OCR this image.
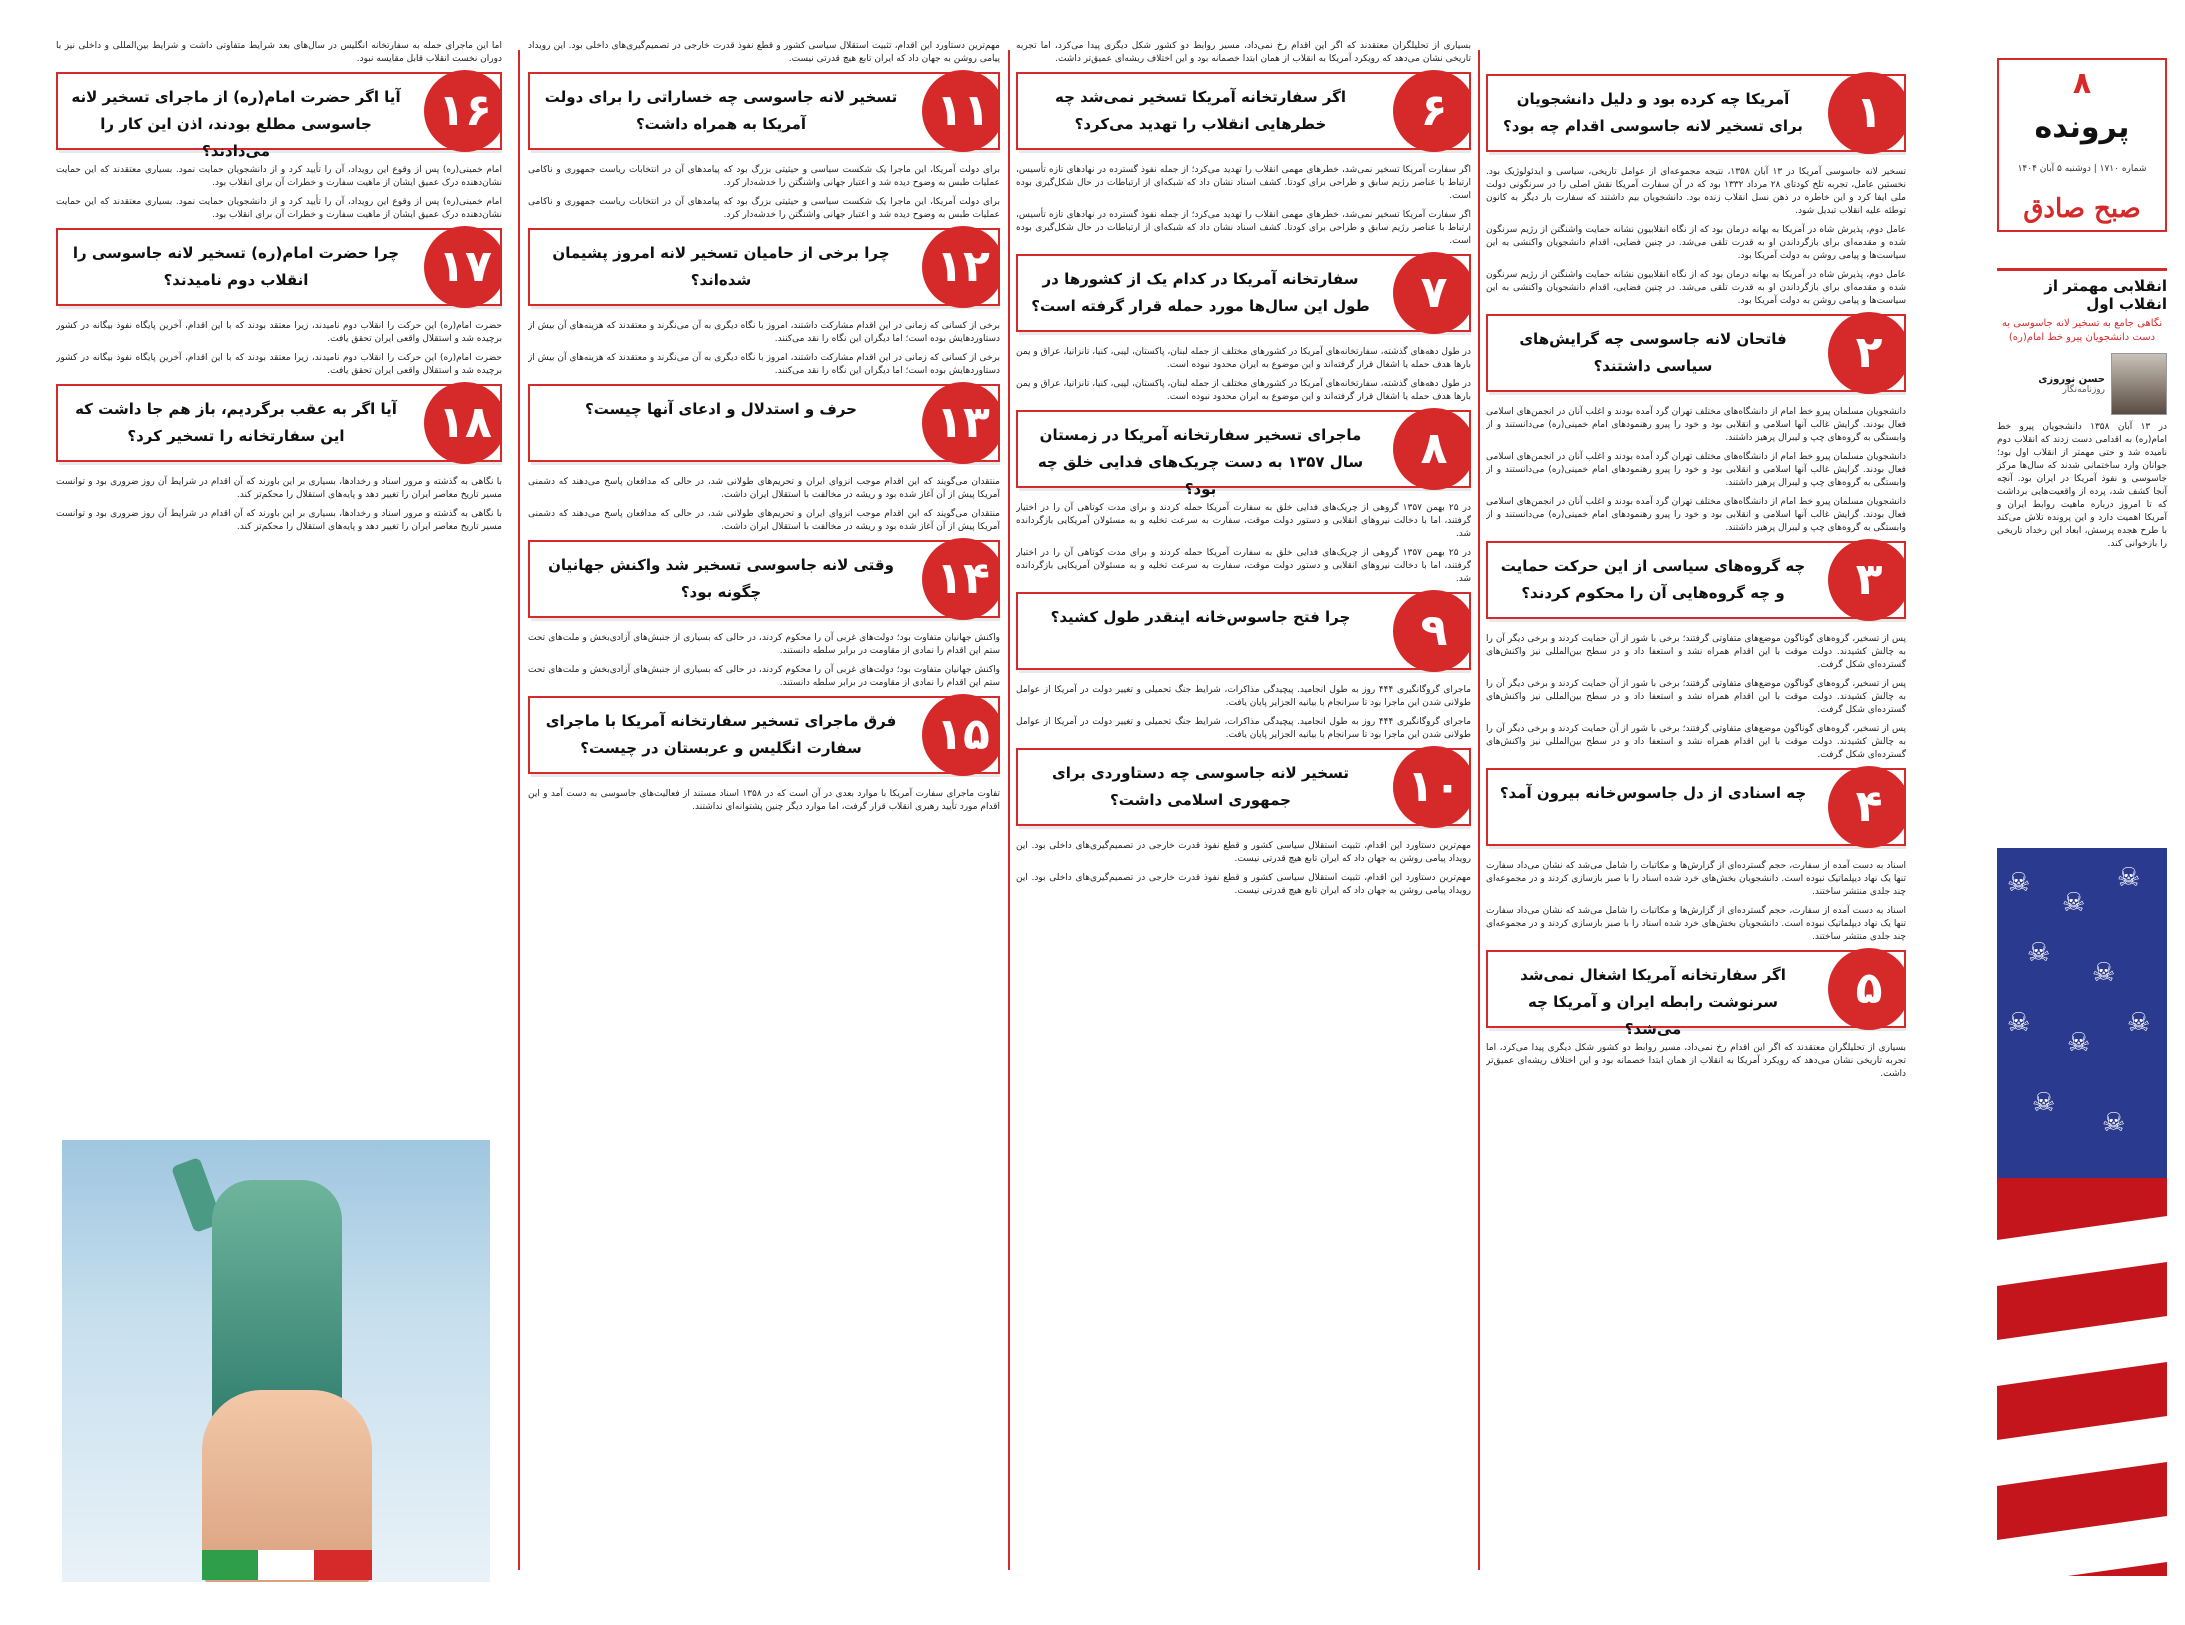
۸
پرونده
شماره ۱۷۱۰ | دوشنبه ۵ آبان ۱۴۰۴
صبح صادق
انقلابی مهمتر از انقلاب اول
نگاهی جامع به تسخیر لانه جاسوسی به دست دانشجویان پیرو خط امام(ره)
حسن نوروزی
روزنامه‌نگار

در ۱۳ آبان ۱۳۵۸ دانشجویان پیرو خط امام(ره) به اقدامی دست زدند که انقلاب دوم نامیده شد و حتی مهمتر از انقلاب اول بود؛ جوانان وارد ساختمانی شدند که سال‌ها مرکز جاسوسی و نفوذ آمریکا در ایران بود. آنچه آنجا کشف شد، پرده از واقعیت‌هایی برداشت که تا امروز درباره ماهیت روابط ایران و آمریکا اهمیت دارد و این پرونده تلاش می‌کند با طرح هجده پرسش، ابعاد این رخداد تاریخی را بازخوانی کند.

☠
☠
☠
☠
☠
☠
☠
☠
☠
☠
۱
آمریکا چه کرده بود و دلیل دانشجویان برای تسخیر لانه جاسوسی اقدام چه بود؟

تسخیر لانه جاسوسی آمریکا در ۱۳ آبان ۱۳۵۸، نتیجه مجموعه‌ای از عوامل تاریخی، سیاسی و ایدئولوژیک بود. نخستین عامل، تجربه تلخ کودتای ۲۸ مرداد ۱۳۳۲ بود که در آن سفارت آمریکا نقش اصلی را در سرنگونی دولت ملی ایفا کرد و این خاطره در ذهن نسل انقلاب زنده بود. دانشجویان بیم داشتند که سفارت بار دیگر به کانون توطئه علیه انقلاب تبدیل شود.

عامل دوم، پذیرش شاه در آمریکا به بهانه درمان بود که از نگاه انقلابیون نشانه حمایت واشنگتن از رژیم سرنگون شده و مقدمه‌ای برای بازگرداندن او به قدرت تلقی می‌شد. در چنین فضایی، اقدام دانشجویان واکنشی به این سیاست‌ها و پیامی روشن به دولت آمریکا بود.

عامل دوم، پذیرش شاه در آمریکا به بهانه درمان بود که از نگاه انقلابیون نشانه حمایت واشنگتن از رژیم سرنگون شده و مقدمه‌ای برای بازگرداندن او به قدرت تلقی می‌شد. در چنین فضایی، اقدام دانشجویان واکنشی به این سیاست‌ها و پیامی روشن به دولت آمریکا بود.

۲
فاتحان لانه جاسوسی چه گرایش‌های سیاسی داشتند؟

دانشجویان مسلمان پیرو خط امام از دانشگاه‌های مختلف تهران گرد آمده بودند و اغلب آنان در انجمن‌های اسلامی فعال بودند. گرایش غالب آنها اسلامی و انقلابی بود و خود را پیرو رهنمودهای امام خمینی(ره) می‌دانستند و از وابستگی به گروه‌های چپ و لیبرال پرهیز داشتند.

دانشجویان مسلمان پیرو خط امام از دانشگاه‌های مختلف تهران گرد آمده بودند و اغلب آنان در انجمن‌های اسلامی فعال بودند. گرایش غالب آنها اسلامی و انقلابی بود و خود را پیرو رهنمودهای امام خمینی(ره) می‌دانستند و از وابستگی به گروه‌های چپ و لیبرال پرهیز داشتند.

دانشجویان مسلمان پیرو خط امام از دانشگاه‌های مختلف تهران گرد آمده بودند و اغلب آنان در انجمن‌های اسلامی فعال بودند. گرایش غالب آنها اسلامی و انقلابی بود و خود را پیرو رهنمودهای امام خمینی(ره) می‌دانستند و از وابستگی به گروه‌های چپ و لیبرال پرهیز داشتند.

۳
چه گروه‌های سیاسی از این حرکت حمایت و چه گروه‌هایی آن را محکوم کردند؟

پس از تسخیر، گروه‌های گوناگون موضع‌های متفاوتی گرفتند؛ برخی با شور از آن حمایت کردند و برخی دیگر آن را به چالش کشیدند. دولت موقت با این اقدام همراه نشد و استعفا داد و در سطح بین‌المللی نیز واکنش‌های گسترده‌ای شکل گرفت.

پس از تسخیر، گروه‌های گوناگون موضع‌های متفاوتی گرفتند؛ برخی با شور از آن حمایت کردند و برخی دیگر آن را به چالش کشیدند. دولت موقت با این اقدام همراه نشد و استعفا داد و در سطح بین‌المللی نیز واکنش‌های گسترده‌ای شکل گرفت.

پس از تسخیر، گروه‌های گوناگون موضع‌های متفاوتی گرفتند؛ برخی با شور از آن حمایت کردند و برخی دیگر آن را به چالش کشیدند. دولت موقت با این اقدام همراه نشد و استعفا داد و در سطح بین‌المللی نیز واکنش‌های گسترده‌ای شکل گرفت.

۴
چه اسنادی از دل جاسوس‌خانه بیرون آمد؟

اسناد به دست آمده از سفارت، حجم گسترده‌ای از گزارش‌ها و مکاتبات را شامل می‌شد که نشان می‌داد سفارت تنها یک نهاد دیپلماتیک نبوده است. دانشجویان بخش‌های خرد شده اسناد را با صبر بازسازی کردند و در مجموعه‌ای چند جلدی منتشر ساختند.

اسناد به دست آمده از سفارت، حجم گسترده‌ای از گزارش‌ها و مکاتبات را شامل می‌شد که نشان می‌داد سفارت تنها یک نهاد دیپلماتیک نبوده است. دانشجویان بخش‌های خرد شده اسناد را با صبر بازسازی کردند و در مجموعه‌ای چند جلدی منتشر ساختند.

۵
اگر سفارتخانه آمریکا اشغال نمی‌شد سرنوشت رابطه ایران و آمریکا چه می‌شد؟

بسیاری از تحلیلگران معتقدند که اگر این اقدام رخ نمی‌داد، مسیر روابط دو کشور شکل دیگری پیدا می‌کرد، اما تجربه تاریخی نشان می‌دهد که رویکرد آمریکا به انقلاب از همان ابتدا خصمانه بود و این اختلاف ریشه‌ای عمیق‌تر داشت.

بسیاری از تحلیلگران معتقدند که اگر این اقدام رخ نمی‌داد، مسیر روابط دو کشور شکل دیگری پیدا می‌کرد، اما تجربه تاریخی نشان می‌دهد که رویکرد آمریکا به انقلاب از همان ابتدا خصمانه بود و این اختلاف ریشه‌ای عمیق‌تر داشت.

۶
اگر سفارتخانه آمریکا تسخیر نمی‌شد چه خطرهایی انقلاب را تهدید می‌کرد؟

اگر سفارت آمریکا تسخیر نمی‌شد، خطرهای مهمی انقلاب را تهدید می‌کرد؛ از جمله نفوذ گسترده در نهادهای تازه تأسیس، ارتباط با عناصر رژیم سابق و طراحی برای کودتا. کشف اسناد نشان داد که شبکه‌ای از ارتباطات در حال شکل‌گیری بوده است.

اگر سفارت آمریکا تسخیر نمی‌شد، خطرهای مهمی انقلاب را تهدید می‌کرد؛ از جمله نفوذ گسترده در نهادهای تازه تأسیس، ارتباط با عناصر رژیم سابق و طراحی برای کودتا. کشف اسناد نشان داد که شبکه‌ای از ارتباطات در حال شکل‌گیری بوده است.

۷
سفارتخانه آمریکا در کدام یک از کشورها در طول این سال‌ها مورد حمله قرار گرفته است؟

در طول دهه‌های گذشته، سفارتخانه‌های آمریکا در کشورهای مختلف از جمله لبنان، پاکستان، لیبی، کنیا، تانزانیا، عراق و یمن بارها هدف حمله یا اشغال قرار گرفته‌اند و این موضوع به ایران محدود نبوده است.

در طول دهه‌های گذشته، سفارتخانه‌های آمریکا در کشورهای مختلف از جمله لبنان، پاکستان، لیبی، کنیا، تانزانیا، عراق و یمن بارها هدف حمله یا اشغال قرار گرفته‌اند و این موضوع به ایران محدود نبوده است.

۸
ماجرای تسخیر سفارتخانه آمریکا در زمستان سال ۱۳۵۷ به دست چریک‌های فدایی خلق چه بود؟

در ۲۵ بهمن ۱۳۵۷ گروهی از چریک‌های فدایی خلق به سفارت آمریکا حمله کردند و برای مدت کوتاهی آن را در اختیار گرفتند، اما با دخالت نیروهای انقلابی و دستور دولت موقت، سفارت به سرعت تخلیه و به مسئولان آمریکایی بازگردانده شد.

در ۲۵ بهمن ۱۳۵۷ گروهی از چریک‌های فدایی خلق به سفارت آمریکا حمله کردند و برای مدت کوتاهی آن را در اختیار گرفتند، اما با دخالت نیروهای انقلابی و دستور دولت موقت، سفارت به سرعت تخلیه و به مسئولان آمریکایی بازگردانده شد.

۹
چرا فتح جاسوس‌خانه اینقدر طول کشید؟

ماجرای گروگانگیری ۴۴۴ روز به طول انجامید. پیچیدگی مذاکرات، شرایط جنگ تحمیلی و تغییر دولت در آمریکا از عوامل طولانی شدن این ماجرا بود تا سرانجام با بیانیه الجزایر پایان یافت.

ماجرای گروگانگیری ۴۴۴ روز به طول انجامید. پیچیدگی مذاکرات، شرایط جنگ تحمیلی و تغییر دولت در آمریکا از عوامل طولانی شدن این ماجرا بود تا سرانجام با بیانیه الجزایر پایان یافت.

۱۰
تسخیر لانه جاسوسی چه دستاوردی برای جمهوری اسلامی داشت؟

مهم‌ترین دستاورد این اقدام، تثبیت استقلال سیاسی کشور و قطع نفوذ قدرت خارجی در تصمیم‌گیری‌های داخلی بود. این رویداد پیامی روشن به جهان داد که ایران تابع هیچ قدرتی نیست.

مهم‌ترین دستاورد این اقدام، تثبیت استقلال سیاسی کشور و قطع نفوذ قدرت خارجی در تصمیم‌گیری‌های داخلی بود. این رویداد پیامی روشن به جهان داد که ایران تابع هیچ قدرتی نیست.

مهم‌ترین دستاورد این اقدام، تثبیت استقلال سیاسی کشور و قطع نفوذ قدرت خارجی در تصمیم‌گیری‌های داخلی بود. این رویداد پیامی روشن به جهان داد که ایران تابع هیچ قدرتی نیست.

۱۱
تسخیر لانه جاسوسی چه خساراتی را برای دولت آمریکا به همراه داشت؟

برای دولت آمریکا، این ماجرا یک شکست سیاسی و حیثیتی بزرگ بود که پیامدهای آن در انتخابات ریاست جمهوری و ناکامی عملیات طبس به وضوح دیده شد و اعتبار جهانی واشنگتن را خدشه‌دار کرد.

برای دولت آمریکا، این ماجرا یک شکست سیاسی و حیثیتی بزرگ بود که پیامدهای آن در انتخابات ریاست جمهوری و ناکامی عملیات طبس به وضوح دیده شد و اعتبار جهانی واشنگتن را خدشه‌دار کرد.

۱۲
چرا برخی از حامیان تسخیر لانه امروز پشیمان شده‌اند؟

برخی از کسانی که زمانی در این اقدام مشارکت داشتند، امروز با نگاه دیگری به آن می‌نگرند و معتقدند که هزینه‌های آن بیش از دستاوردهایش بوده است؛ اما دیگران این نگاه را نقد می‌کنند.

برخی از کسانی که زمانی در این اقدام مشارکت داشتند، امروز با نگاه دیگری به آن می‌نگرند و معتقدند که هزینه‌های آن بیش از دستاوردهایش بوده است؛ اما دیگران این نگاه را نقد می‌کنند.

۱۳
حرف و استدلال و ادعای آنها چیست؟

منتقدان می‌گویند که این اقدام موجب انزوای ایران و تحریم‌های طولانی شد، در حالی که مدافعان پاسخ می‌دهند که دشمنی آمریکا پیش از آن آغاز شده بود و ریشه در مخالفت با استقلال ایران داشت.

منتقدان می‌گویند که این اقدام موجب انزوای ایران و تحریم‌های طولانی شد، در حالی که مدافعان پاسخ می‌دهند که دشمنی آمریکا پیش از آن آغاز شده بود و ریشه در مخالفت با استقلال ایران داشت.

۱۴
وقتی لانه جاسوسی تسخیر شد واکنش جهانیان چگونه بود؟

واکنش جهانیان متفاوت بود؛ دولت‌های غربی آن را محکوم کردند، در حالی که بسیاری از جنبش‌های آزادی‌بخش و ملت‌های تحت ستم این اقدام را نمادی از مقاومت در برابر سلطه دانستند.

واکنش جهانیان متفاوت بود؛ دولت‌های غربی آن را محکوم کردند، در حالی که بسیاری از جنبش‌های آزادی‌بخش و ملت‌های تحت ستم این اقدام را نمادی از مقاومت در برابر سلطه دانستند.

۱۵
فرق ماجرای تسخیر سفارتخانه آمریکا با ماجرای سفارت انگلیس و عربستان در چیست؟

تفاوت ماجرای سفارت آمریکا با موارد بعدی در آن است که در ۱۳۵۸ اسناد مستند از فعالیت‌های جاسوسی به دست آمد و این اقدام مورد تأیید رهبری انقلاب قرار گرفت، اما موارد دیگر چنین پشتوانه‌ای نداشتند.

اما این ماجرای حمله به سفارتخانه انگلیس در سال‌های بعد شرایط متفاوتی داشت و شرایط بین‌المللی و داخلی نیز با دوران نخست انقلاب قابل مقایسه نبود.

۱۶
آیا اگر حضرت امام(ره) از ماجرای تسخیر لانه جاسوسی مطلع بودند، اذن این کار را می‌دادند؟

امام خمینی(ره) پس از وقوع این رویداد، آن را تأیید کرد و از دانشجویان حمایت نمود. بسیاری معتقدند که این حمایت نشان‌دهنده درک عمیق ایشان از ماهیت سفارت و خطرات آن برای انقلاب بود.

امام خمینی(ره) پس از وقوع این رویداد، آن را تأیید کرد و از دانشجویان حمایت نمود. بسیاری معتقدند که این حمایت نشان‌دهنده درک عمیق ایشان از ماهیت سفارت و خطرات آن برای انقلاب بود.

۱۷
چرا حضرت امام(ره) تسخیر لانه جاسوسی را انقلاب دوم نامیدند؟

حضرت امام(ره) این حرکت را انقلاب دوم نامیدند، زیرا معتقد بودند که با این اقدام، آخرین پایگاه نفوذ بیگانه در کشور برچیده شد و استقلال واقعی ایران تحقق یافت.

حضرت امام(ره) این حرکت را انقلاب دوم نامیدند، زیرا معتقد بودند که با این اقدام، آخرین پایگاه نفوذ بیگانه در کشور برچیده شد و استقلال واقعی ایران تحقق یافت.

۱۸
آیا اگر به عقب برگردیم، باز هم جا داشت که این سفارتخانه را تسخیر کرد؟

با نگاهی به گذشته و مرور اسناد و رخدادها، بسیاری بر این باورند که آن اقدام در شرایط آن روز ضروری بود و توانست مسیر تاریخ معاصر ایران را تغییر دهد و پایه‌های استقلال را محکم‌تر کند.

با نگاهی به گذشته و مرور اسناد و رخدادها، بسیاری بر این باورند که آن اقدام در شرایط آن روز ضروری بود و توانست مسیر تاریخ معاصر ایران را تغییر دهد و پایه‌های استقلال را محکم‌تر کند.
